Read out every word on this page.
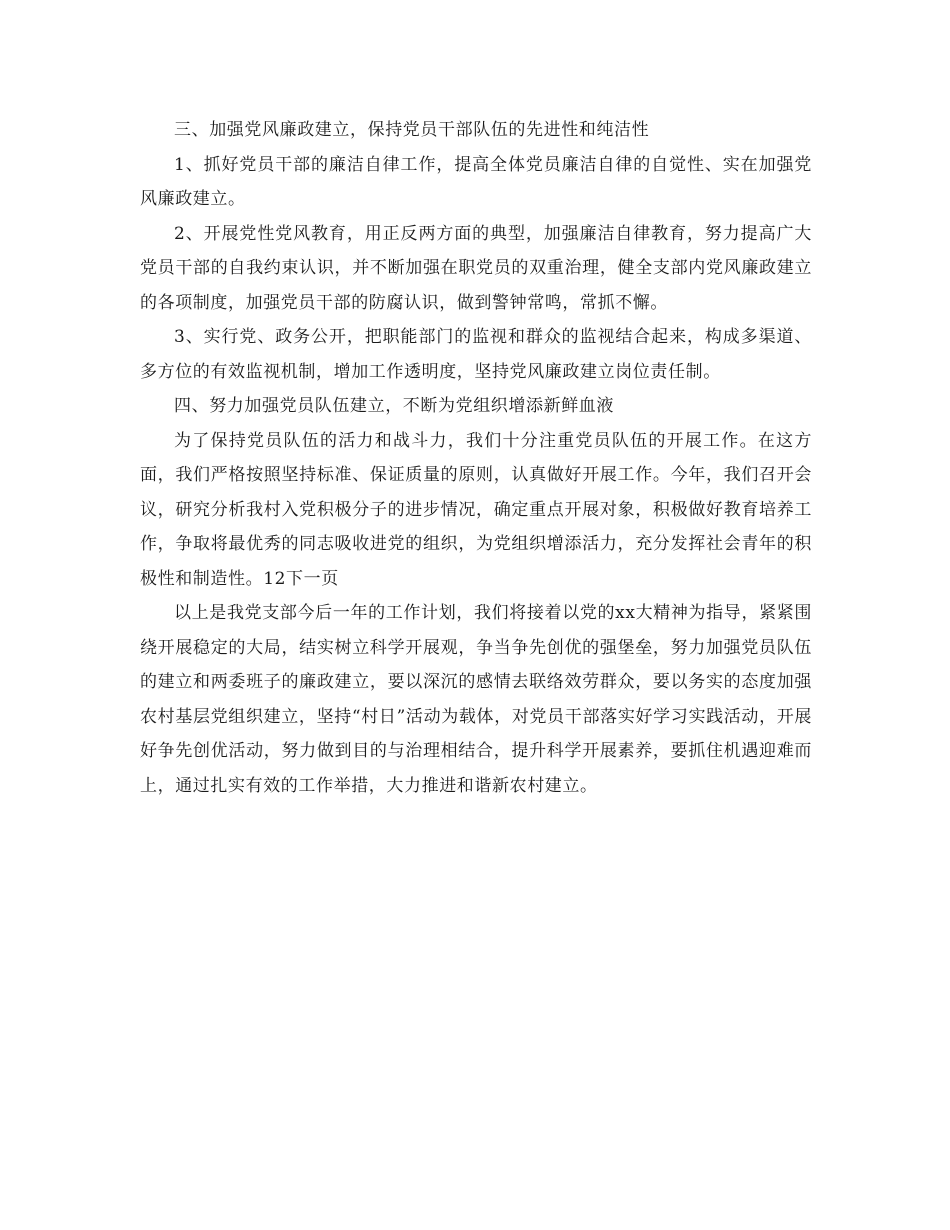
三、加强党风廉政建立，保持党员干部队伍的先进性和纯洁性

1、抓好党员干部的廉洁自律工作，提高全体党员廉洁自律的自觉性、实在加强党风廉政建立。

2、开展党性党风教育，用正反两方面的典型，加强廉洁自律教育，努力提高广大党员干部的自我约束认识，并不断加强在职党员的双重治理，健全支部内党风廉政建立的各项制度，加强党员干部的防腐认识，做到警钟常鸣，常抓不懈。

3、实行党、政务公开，把职能部门的监视和群众的监视结合起来，构成多渠道、多方位的有效监视机制，增加工作透明度，坚持党风廉政建立岗位责任制。

四、努力加强党员队伍建立，不断为党组织增添新鲜血液

为了保持党员队伍的活力和战斗力，我们十分注重党员队伍的开展工作。在这方面，我们严格按照坚持标准、保证质量的原则，认真做好开展工作。今年，我们召开会议，研究分析我村入党积极分子的进步情况，确定重点开展对象，积极做好教育培养工作，争取将最优秀的同志吸收进党的组织，为党组织增添活力，充分发挥社会青年的积极性和制造性。12下一页

以上是我党支部今后一年的工作计划，我们将接着以党的xx大精神为指导，紧紧围绕开展稳定的大局，结实树立科学开展观，争当争先创优的强堡垒，努力加强党员队伍的建立和两委班子的廉政建立，要以深沉的感情去联络效劳群众，要以务实的态度加强农村基层党组织建立，坚持“村日”活动为载体，对党员干部落实好学习实践活动，开展好争先创优活动，努力做到目的与治理相结合，提升科学开展素养，要抓住机遇迎难而上，通过扎实有效的工作举措，大力推进和谐新农村建立。
